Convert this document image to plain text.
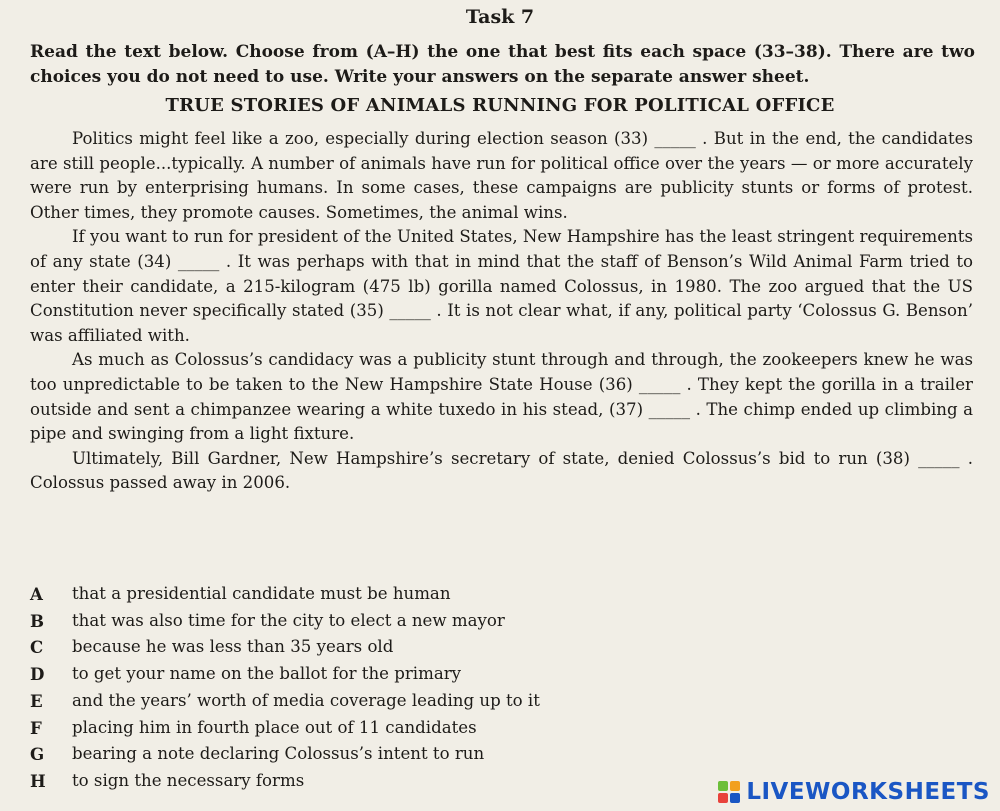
Task 7
Read the text below. Choose from (A–H) the one that best fits each space (33–38). There are two choices you do not need to use. Write your answers on the separate answer sheet.
TRUE STORIES OF ANIMALS RUNNING FOR POLITICAL OFFICE

Politics might feel like a zoo, especially during election season (33) _____ . But in the end, the candidates are still people...typically. A number of animals have run for political office over the years — or more accurately were run by enterprising humans. In some cases, these campaigns are publicity stunts or forms of protest. Other times, they promote causes. Sometimes, the animal wins.

If you want to run for president of the United States, New Hampshire has the least stringent requirements of any state (34) _____ . It was perhaps with that in mind that the staff of Benson’s Wild Animal Farm tried to enter their candidate, a 215-kilogram (475 lb) gorilla named Colossus, in 1980. The zoo argued that the US Constitution never specifically stated (35) _____ . It is not clear what, if any, political party ‘Colossus G. Benson’ was affiliated with.

As much as Colossus’s candidacy was a publicity stunt through and through, the zookeepers knew he was too unpredictable to be taken to the New Hampshire State House (36) _____ . They kept the gorilla in a trailer outside and sent a chimpanzee wearing a white tuxedo in his stead, (37) _____ . The chimp ended up climbing a pipe and swinging from a light fixture.

Ultimately, Bill Gardner, New Hampshire’s secretary of state, denied Colossus’s bid to run (38) _____ . Colossus passed away in 2006.

A	that a presidential candidate must be human
B	that was also time for the city to elect a new mayor
C	because he was less than 35 years old
D	to get your name on the ballot for the primary
E	and the years’ worth of media coverage leading up to it
F	placing him in fourth place out of 11 candidates
G	bearing a note declaring Colossus’s intent to run
H	to sign the necessary forms	LIVEWORKSHEETS
